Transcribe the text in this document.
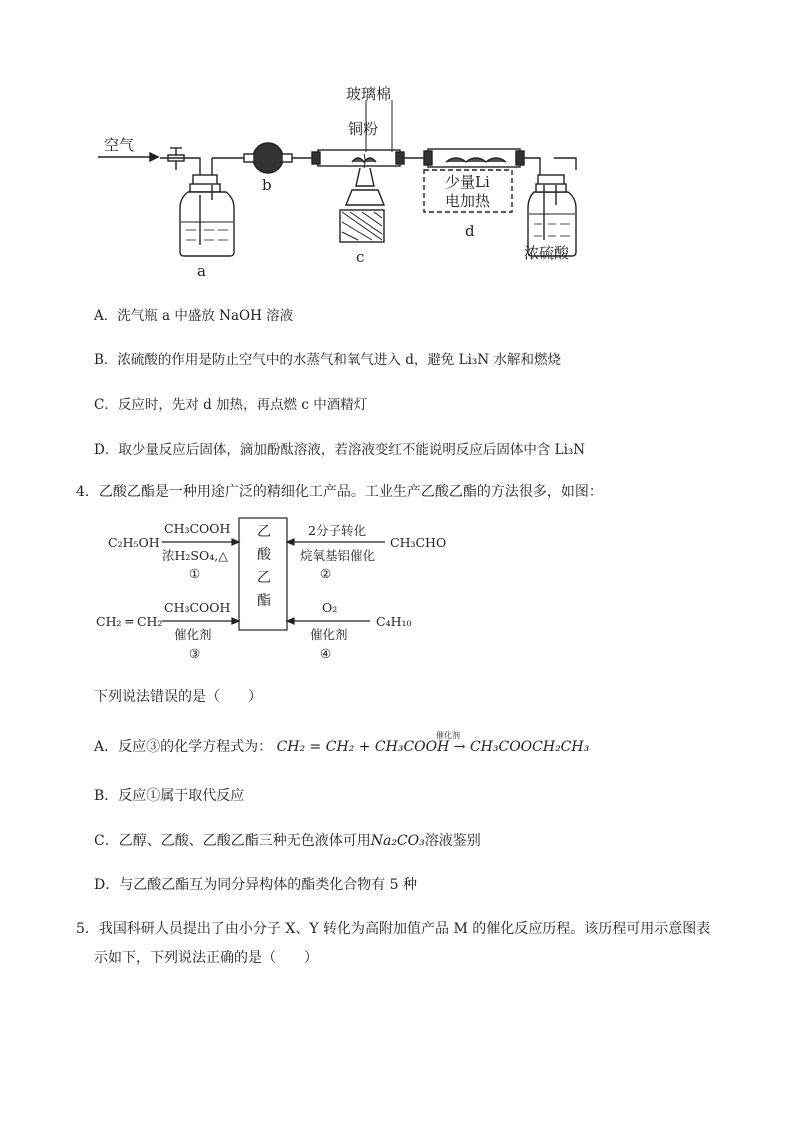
空气
玻璃棉
铜粉
少量Li
电加热
浓硫酸
a
b
c
d
A．洗气瓶 a 中盛放 NaOH 溶液
B．浓硫酸的作用是防止空气中的水蒸气和氧气进入 d，避免 Li₃N 水解和燃烧
C．反应时，先对 d 加热，再点燃 c 中酒精灯
D．取少量反应后固体，滴加酚酞溶液，若溶液变红不能说明反应后固体中含 Li₃N
4．乙酸乙酯是一种用途广泛的精细化工产品。工业生产乙酸乙酯的方法很多，如图：
C₂H₅OH
CH₃COOH
浓H₂SO₄,△
①
乙
酸
乙
酯
CH₃CHO
2分子转化
烷氧基铝催化
②
CH₂ ═ CH₂
CH₃COOH
催化剂
③
C₄H₁₀
O₂
催化剂
④
下列说法错误的是（　　）
A．反应③的化学方程式为： CH₂ = CH₂ + CH₃COOH → CH₃COOCH₂CH₃
催化剂
B．反应①属于取代反应
C．乙醇、乙酸、乙酸乙酯三种无色液体可用Na₂CO₃溶液鉴别
D．与乙酸乙酯互为同分异构体的酯类化合物有 5 种
5．我国科研人员提出了由小分子 X、Y 转化为高附加值产品 M 的催化反应历程。该历程可用示意图表
示如下，下列说法正确的是（　　）
